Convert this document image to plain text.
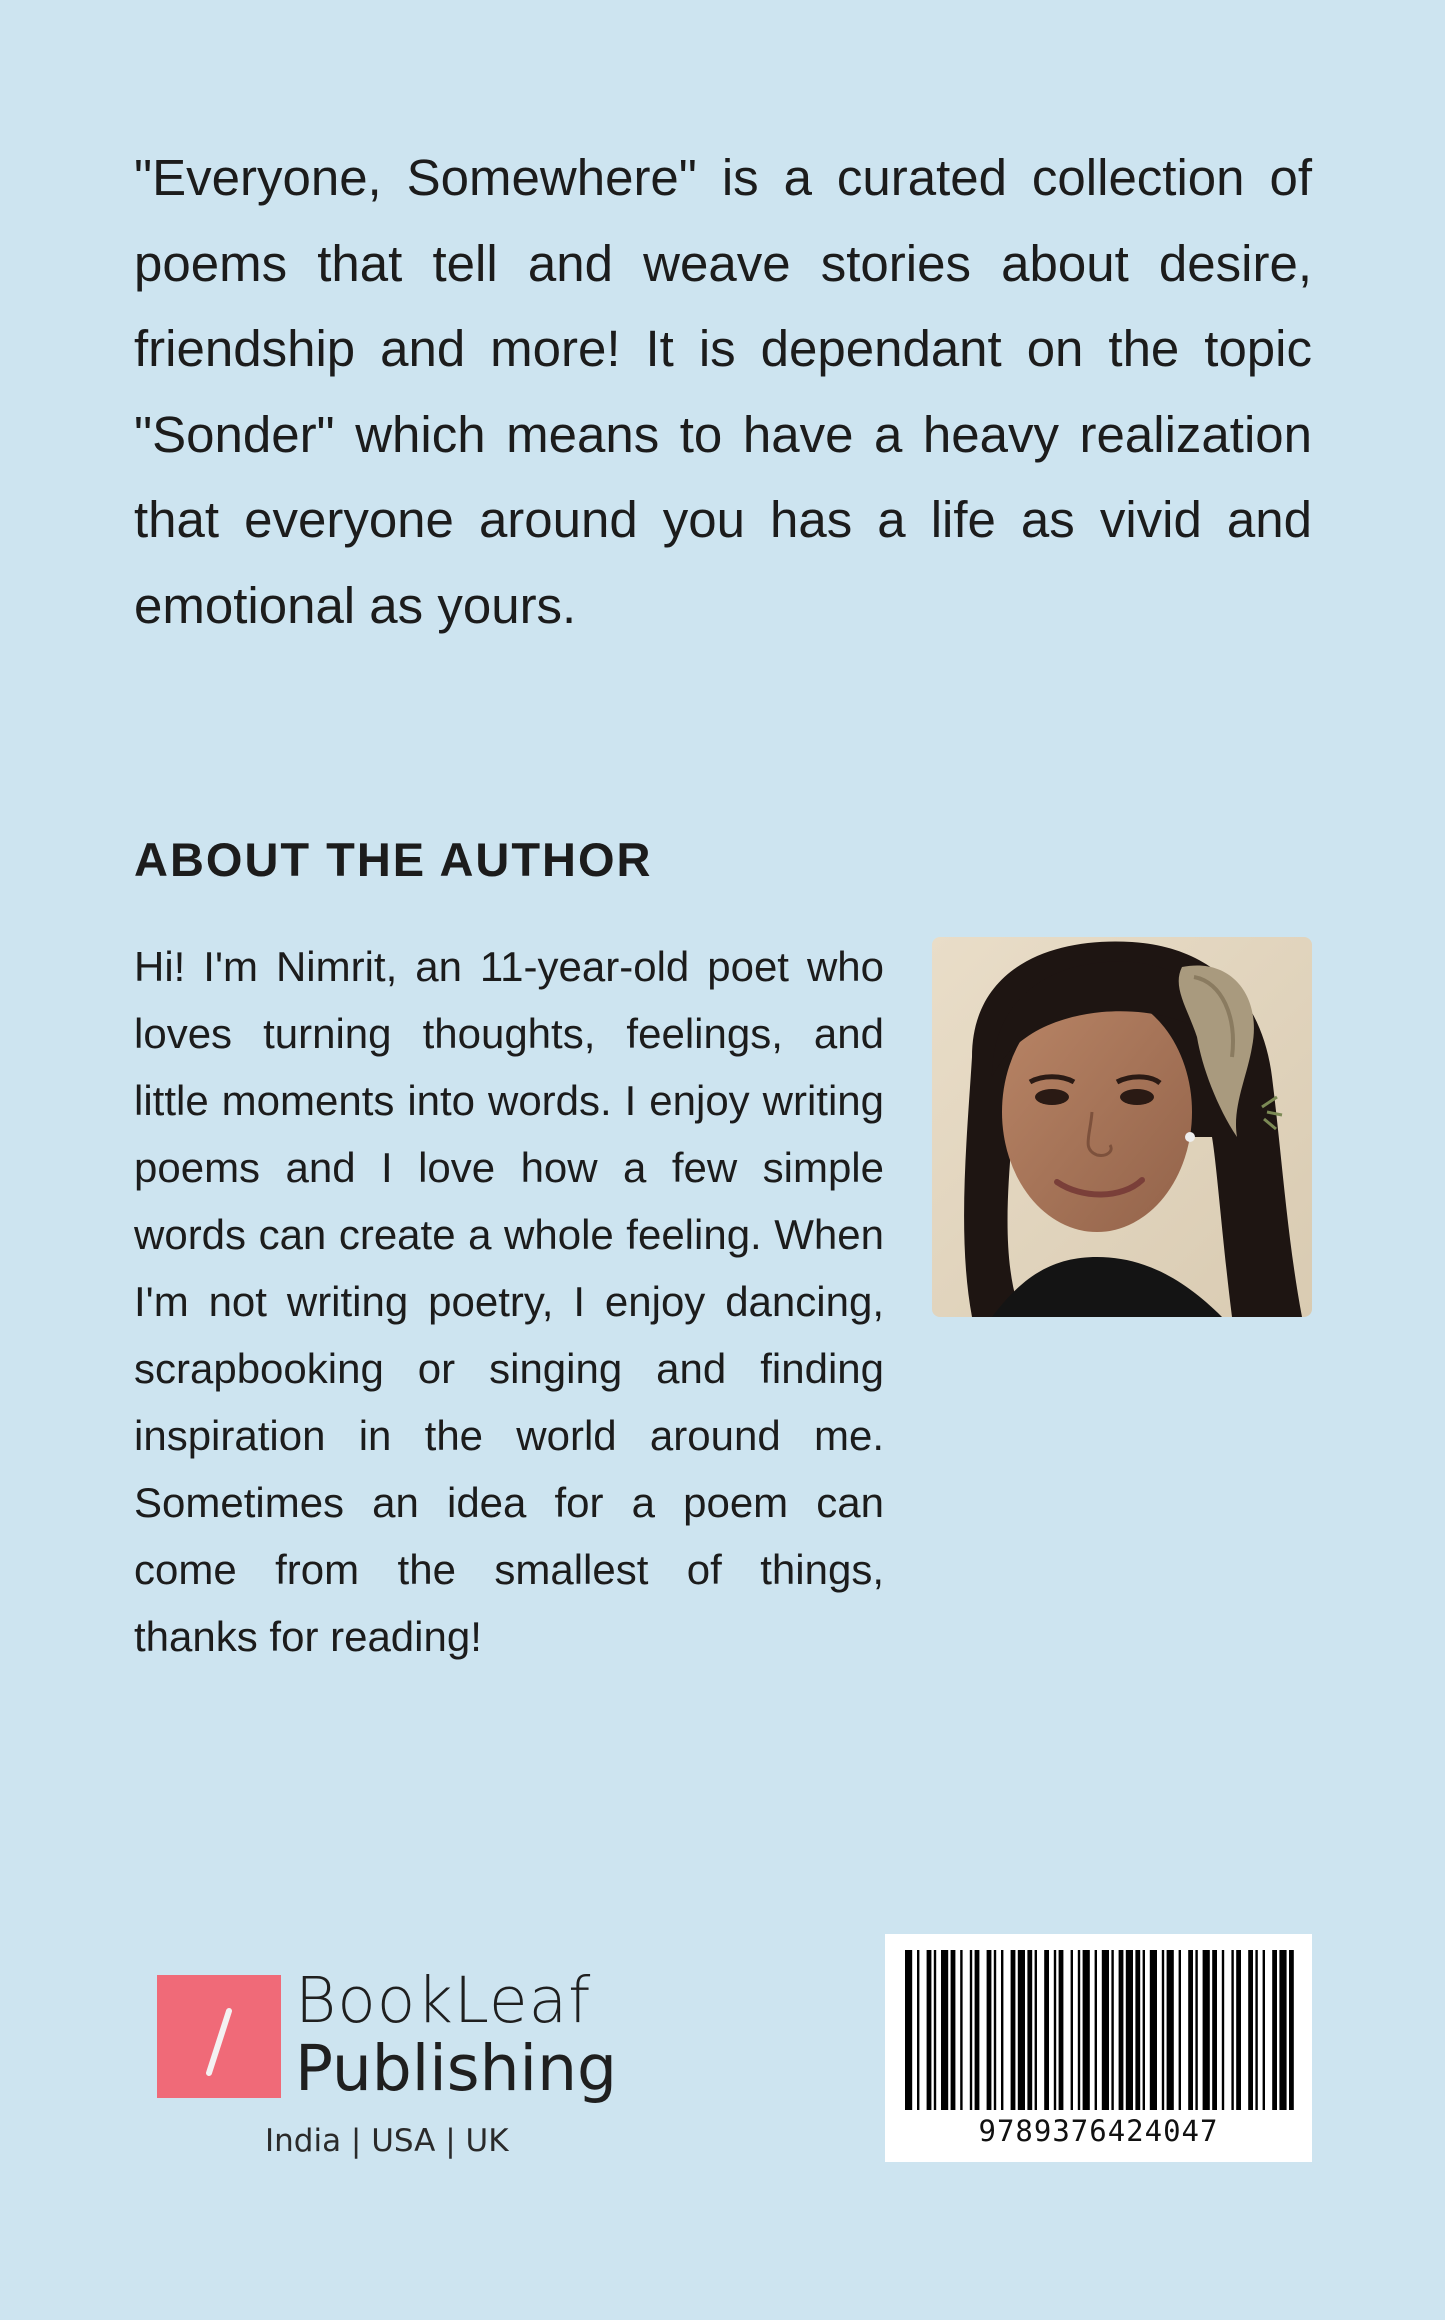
"Everyone, Somewhere" is a curated collection of poems that tell and weave stories about desire, friendship and more! It is dependant on the topic "Sonder" which means to have a heavy realization that everyone around you has a life as vivid and emotional as yours.

ABOUT THE AUTHOR

Hi! I'm Nimrit, an 11-year-old poet who loves turning thoughts, feelings, and little moments into words. I enjoy writing poems and I love how a few simple words can create a whole feeling. When I'm not writing poetry, I enjoy dancing, scrapbooking or singing and finding inspiration in the world around me. Sometimes an idea for a poem can come from the smallest of things, thanks for reading!

BookLeaf
Publishing
India | USA | UK	9789376424047
